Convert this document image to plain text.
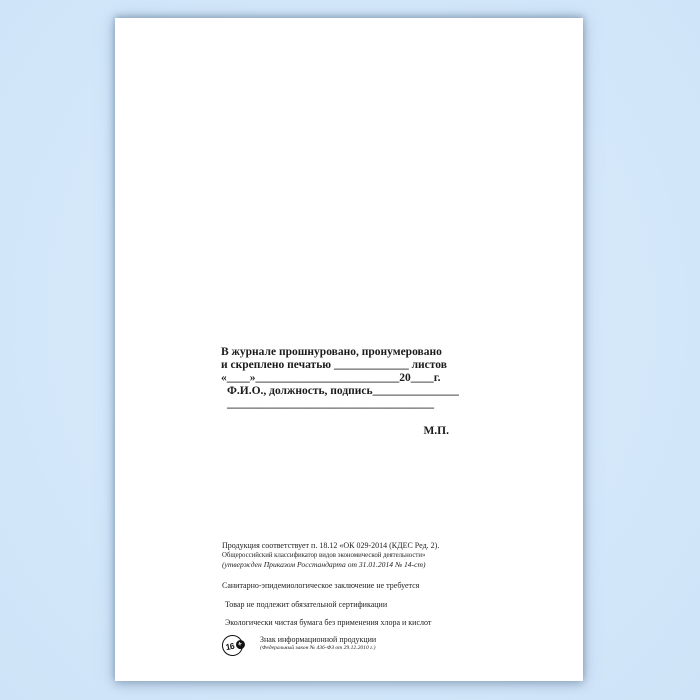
В журнале прошнуровано, пронумеровано
и скреплено печатью _____________ листов
«____»_________________________20____г.
Ф.И.О., должность, подпись_______________
____________________________________
М.П.
Продукция соответствует п. 18.12 «ОК 029-2014 (КДЕС Ред. 2).
Общероссийский классификатор видов экономической деятельности»
(утвержден Приказом Росстандарта от 31.01.2014 № 14-ст)
Санитарно-эпидемиологическое заключение не требуется
Товар не подлежит обязательной сертификации
Экологически чистая бумага без применения хлора и кислот
16 +
Знак информационной продукции
(Федеральный закон № 436-ФЗ от 29.12.2010 г.)
